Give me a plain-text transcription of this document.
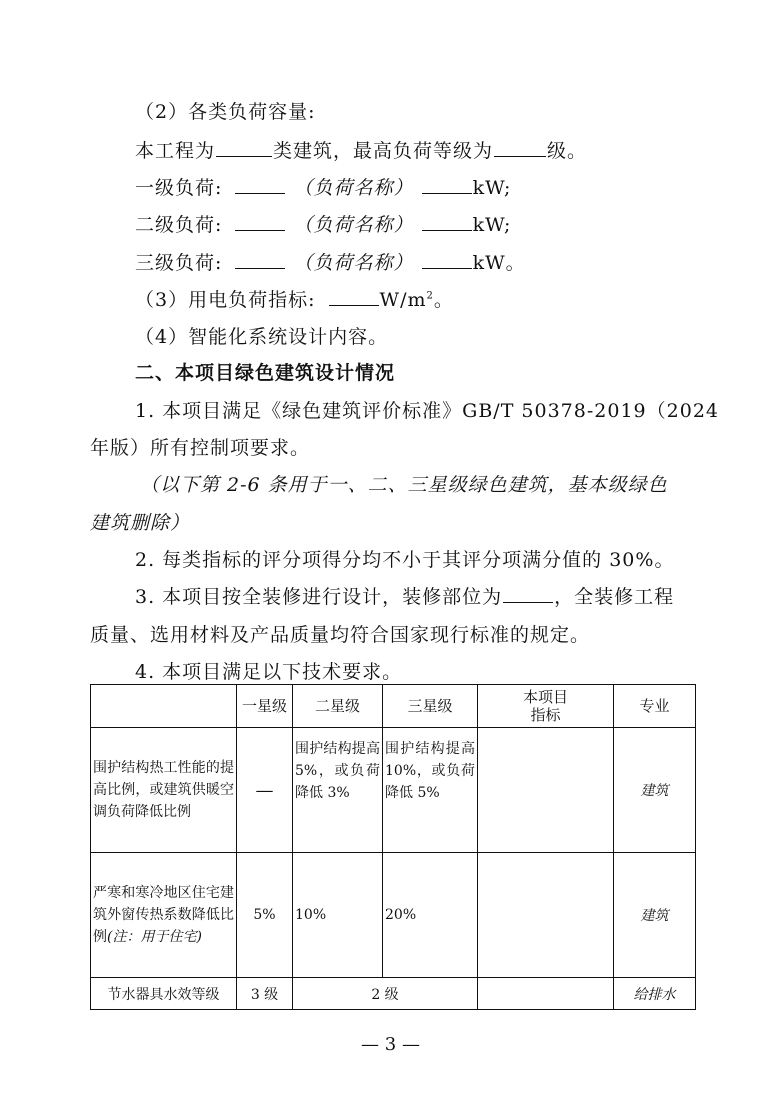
（2）各类负荷容量:
本工程为	类建筑，最高负荷等级为	级。
一级负荷:	（负荷名称）	kW;
二级负荷:	（负荷名称）	kW;
三级负荷:	（负荷名称）	kW。
（3）用电负荷指标:	$W/m^2$。
（4）智能化系统设计内容。
二、本项目绿色建筑设计情况
1. 本项目满足《绿色建筑评价标准》GB/T 50378-2019（2024
年版）所有控制项要求。
（以下第 2-6 条用于一、二、三星级绿色建筑，基本级绿色
建筑删除）
2. 每类指标的评分项得分均不小于其评分项满分值的 30%。
3. 本项目按全装修进行设计，装修部位为	，全装修工程
质量、选用材料及产品质量均符合国家现行标准的规定。
4. 本项目满足以下技术要求。
	一星级	二星级	三星级	本项目指标	专业
围护结构热工性能的提高比例，或建筑供暖空调负荷降低比例	—	围护结构提高 5%，或负荷降低 3%	围护结构提高 10%，或负荷降低 5%		建筑
严寒和寒冷地区住宅建筑外窗传热系数降低比例(注：用于住宅)	5%	10%	20%		建筑
节水器具水效等级	3 级	2 级			给排水
— 3 —
